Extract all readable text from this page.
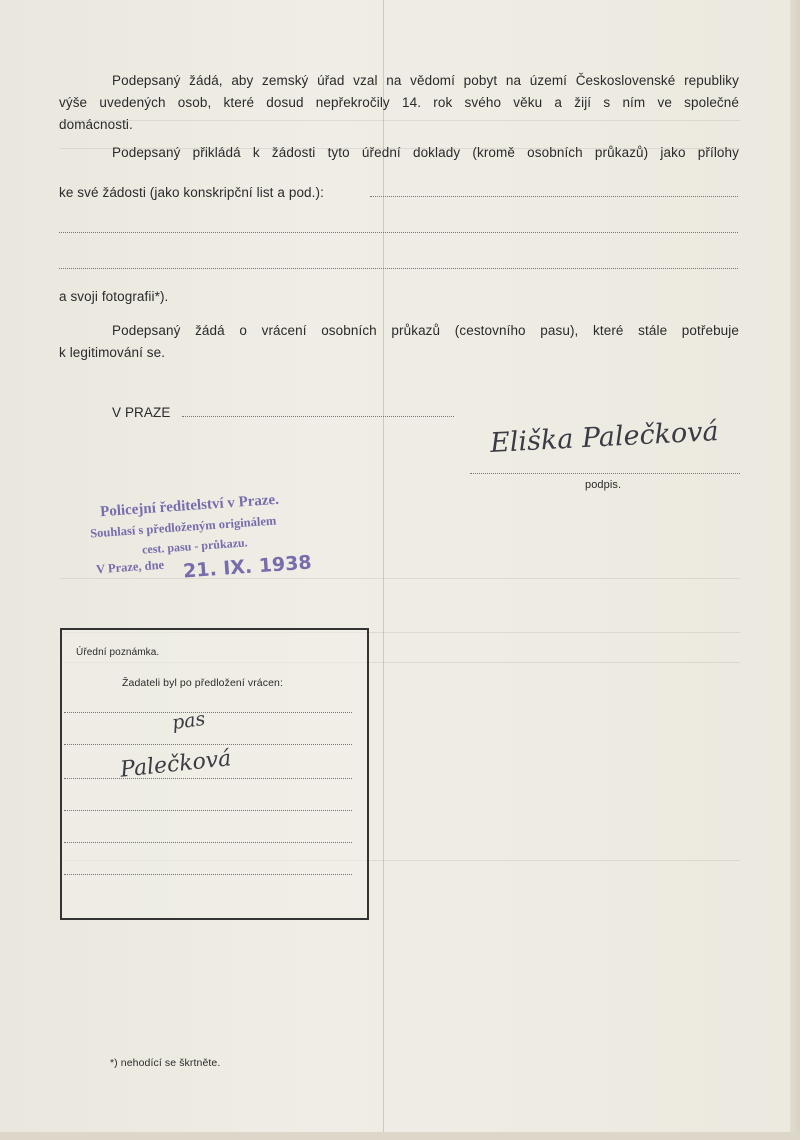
Podepsaný žádá, aby zemský úřad vzal na vědomí pobyt na území Československé republiky
výše uvedených osob, které dosud nepřekročily 14. rok svého věku a žijí s ním ve společné
domácnosti.
Podepsaný přikládá k žádosti tyto úřední doklady (kromě osobních průkazů) jako přílohy
ke své žádosti (jako konskripční list a pod.):
a svoji fotografii*).
Podepsaný žádá o vrácení osobních průkazů (cestovního pasu), které stále potřebuje
k legitimování se.
V PRAZE
Eliška Palečková
podpis.
Policejní ředitelství v Praze.
Souhlasí s předloženým originálem
cest. pasu - průkazu.
V Praze, dne 21. IX. 1938
Úřední poznámka.
Žadateli byl po předložení vrácen:
pas
Palečková
*) nehodící se škrtněte.
